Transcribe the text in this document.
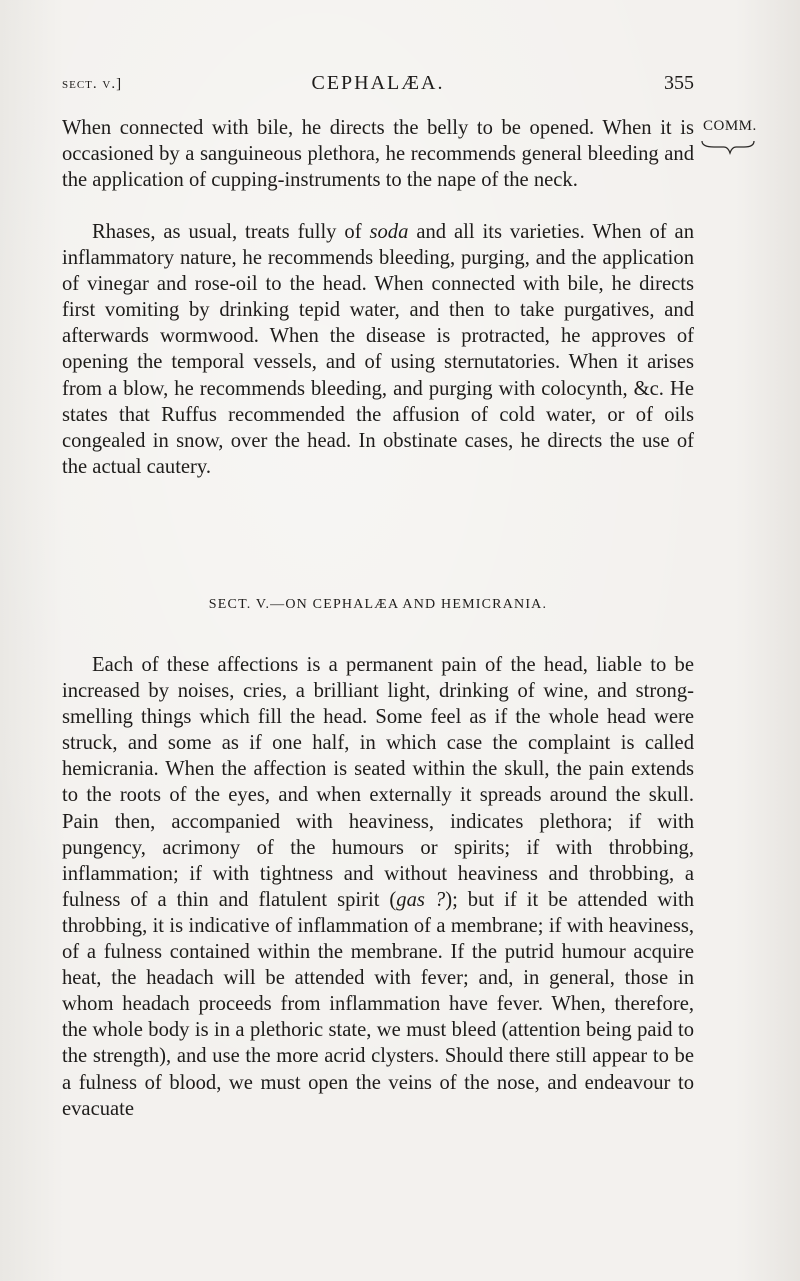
sect. v.]	CEPHALÆA.	355
COMM.

When connected with bile, he directs the belly to be opened. When it is occasioned by a sanguineous plethora, he recommends general bleeding and the application of cupping-instruments to the nape of the neck.

Rhases, as usual, treats fully of soda and all its varieties. When of an inflammatory nature, he recommends bleeding, purging, and the application of vinegar and rose-oil to the head. When connected with bile, he directs first vomiting by drinking tepid water, and then to take purgatives, and afterwards wormwood. When the disease is protracted, he approves of opening the temporal vessels, and of using sternutatories. When it arises from a blow, he recommends bleeding, and purging with colocynth, &c. He states that Ruffus recommended the affusion of cold water, or of oils congealed in snow, over the head. In obstinate cases, he directs the use of the actual cautery.

SECT. V.—ON CEPHALÆA AND HEMICRANIA.

Each of these affections is a permanent pain of the head, liable to be increased by noises, cries, a brilliant light, drinking of wine, and strong-smelling things which fill the head. Some feel as if the whole head were struck, and some as if one half, in which case the complaint is called hemicrania. When the affection is seated within the skull, the pain extends to the roots of the eyes, and when externally it spreads around the skull. Pain then, accompanied with heaviness, indicates plethora; if with pungency, acrimony of the humours or spirits; if with throbbing, inflammation; if with tightness and without heaviness and throbbing, a fulness of a thin and flatulent spirit (gas ?); but if it be attended with throbbing, it is indicative of inflammation of a membrane; if with heaviness, of a fulness contained within the membrane. If the putrid humour acquire heat, the headach will be attended with fever; and, in general, those in whom headach proceeds from inflammation have fever. When, therefore, the whole body is in a plethoric state, we must bleed (attention being paid to the strength), and use the more acrid clysters. Should there still appear to be a fulness of blood, we must open the veins of the nose, and endeavour to evacuate
